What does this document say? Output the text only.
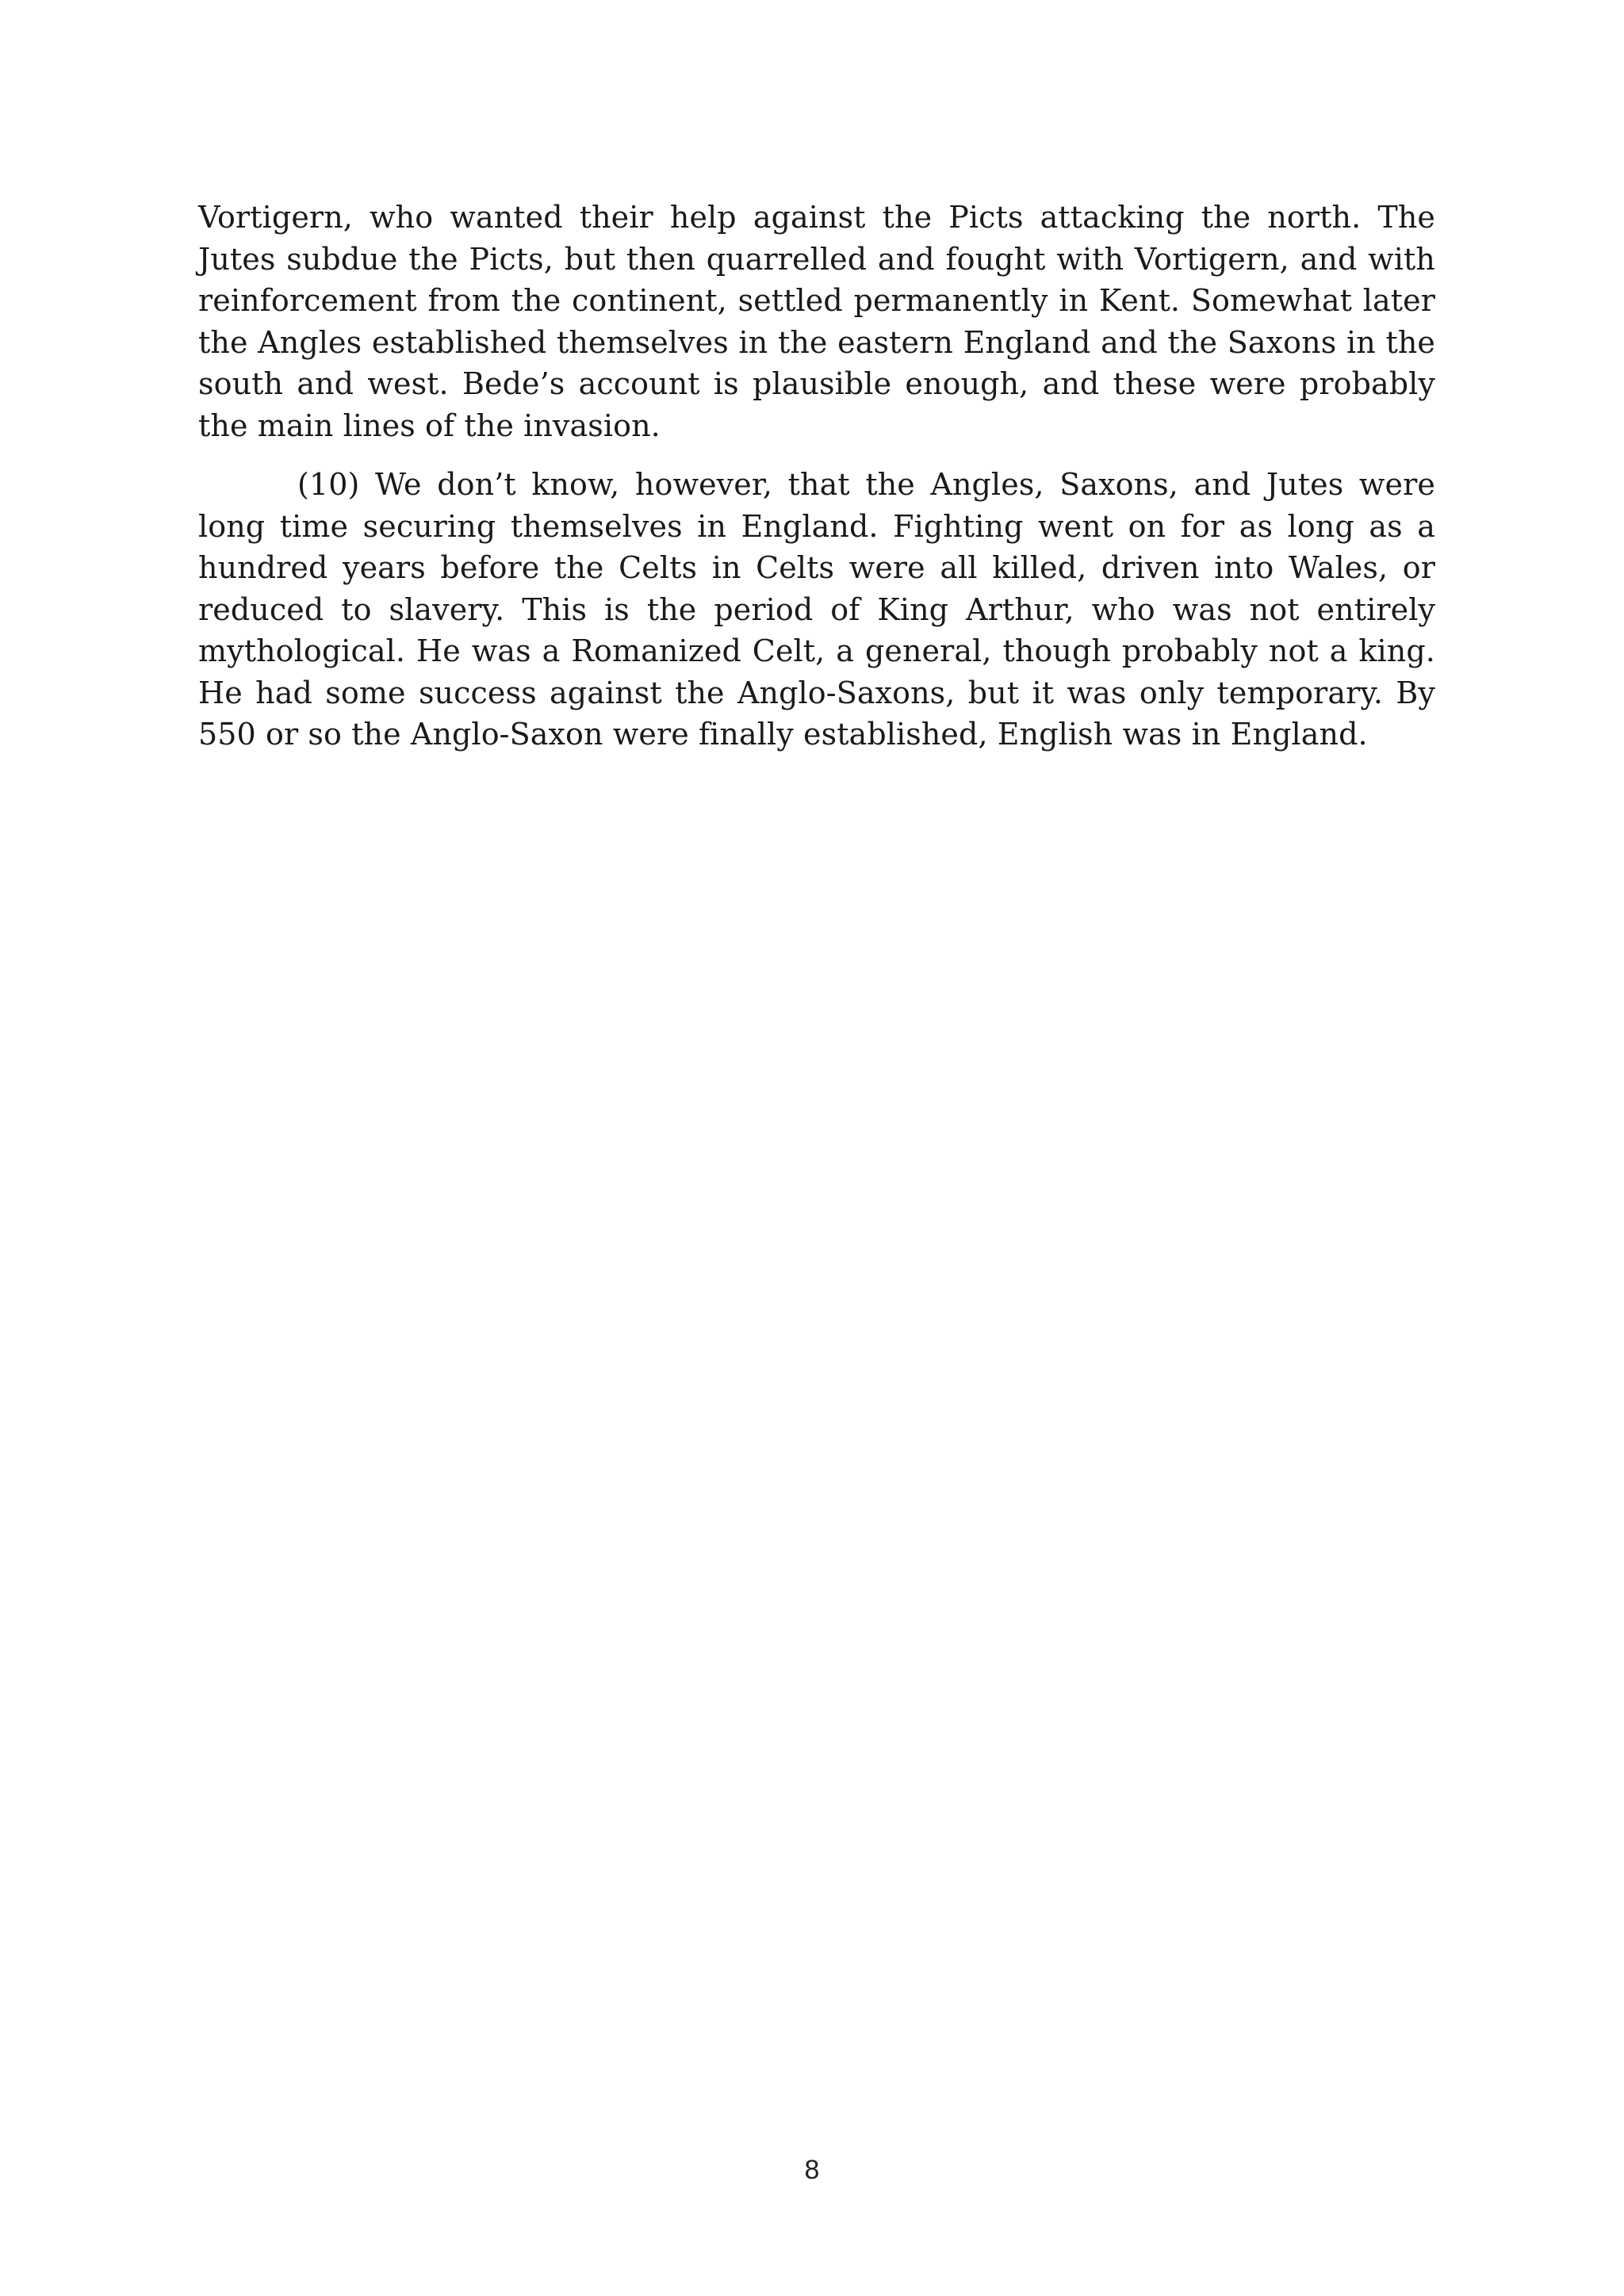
Vortigern, who wanted their help against the Picts attacking the north. The Jutes subdue the Picts, but then quarrelled and fought with Vortigern, and with reinforcement from the continent, settled permanently in Kent. Somewhat later the Angles established themselves in the eastern England and the Saxons in the south and west. Bede’s account is plausible enough, and these were probably the main lines of the invasion.

(10) We don’t know, however, that the Angles, Saxons, and Jutes were long time securing themselves in England. Fighting went on for as long as a hundred years before the Celts in Celts were all killed, driven into Wales, or reduced to slavery. This is the period of King Arthur, who was not entirely mythological. He was a Romanized Celt, a general, though probably not a king. He had some success against the Anglo-Saxons, but it was only temporary. By 550 or so the Anglo-Saxon were finally established, English was in England.

8
